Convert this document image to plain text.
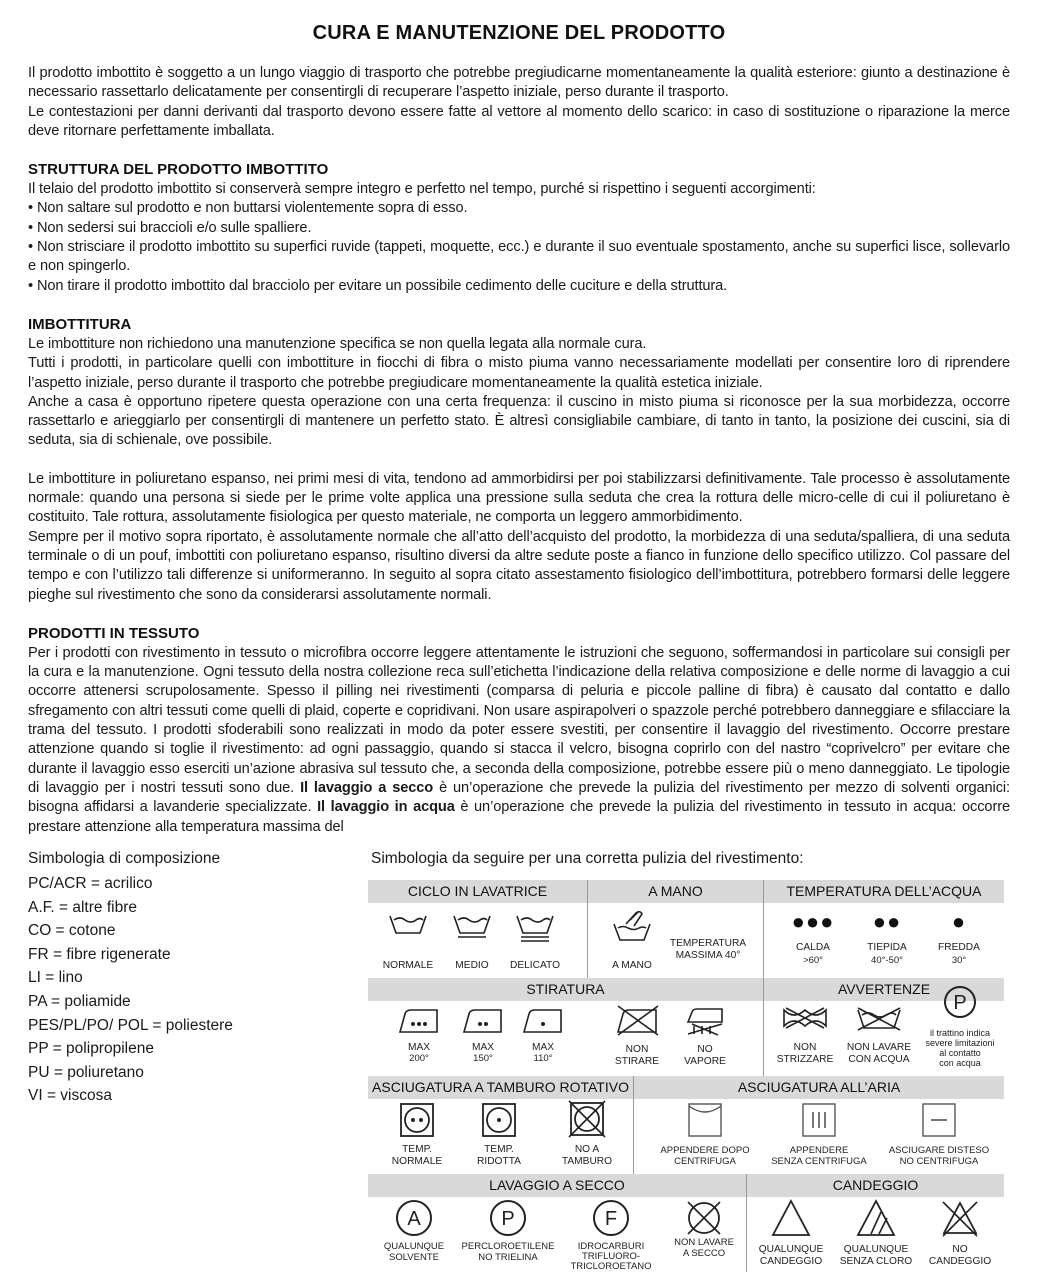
CURA E MANUTENZIONE DEL PRODOTTO

Il prodotto imbottito è soggetto a un lungo viaggio di trasporto che potrebbe pregiudicarne momentaneamente la qualità esteriore: giunto a destinazione è necessario rassettarlo delicatamente per consentirgli di recuperare l’aspetto iniziale, perso durante il trasporto.

Le contestazioni per danni derivanti dal trasporto devono essere fatte al vettore al momento dello scarico: in caso di sostituzione o riparazione la merce deve ritornare perfettamente imballata.

STRUTTURA DEL PRODOTTO IMBOTTITO

Il telaio del prodotto imbottito si conserverà sempre integro e perfetto nel tempo, purché si rispettino i seguenti accorgimenti:

• Non saltare sul prodotto e non buttarsi violentemente sopra di esso.

• Non sedersi sui braccioli e/o sulle spalliere.

• Non strisciare il prodotto imbottito su superfici ruvide (tappeti, moquette, ecc.) e durante il suo eventuale spostamento, anche su superfici lisce, sollevarlo e non spingerlo.

• Non tirare il prodotto imbottito dal bracciolo per evitare un possibile cedimento delle cuciture e della struttura.

IMBOTTITURA

Le imbottiture non richiedono una manutenzione specifica se non quella legata alla normale cura.

Tutti i prodotti, in particolare quelli con imbottiture in fiocchi di fibra o misto piuma vanno necessariamente modellati per consentire loro di riprendere l’aspetto iniziale, perso durante il trasporto che potrebbe pregiudicare momentaneamente la qualità estetica iniziale.

Anche a casa è opportuno ripetere questa operazione con una certa frequenza: il cuscino in misto piuma si riconosce per la sua morbidezza, occorre rassettarlo e arieggiarlo per consentirgli di mantenere un perfetto stato. È altresì consigliabile cambiare, di tanto in tanto, la posizione dei cuscini, sia di seduta, sia di schienale, ove possibile.

Le imbottiture in poliuretano espanso, nei primi mesi di vita, tendono ad ammorbidirsi per poi stabilizzarsi definitivamente. Tale processo è assolutamente normale: quando una persona si siede per le prime volte applica una pressione sulla seduta che crea la rottura delle micro-celle di cui il poliuretano è costituito. Tale rottura, assolutamente fisiologica per questo materiale, ne comporta un leggero ammorbidimento.

Sempre per il motivo sopra riportato, è assolutamente normale che all’atto dell’acquisto del prodotto, la morbidezza di una seduta/spalliera, di una seduta terminale o di un pouf, imbottiti con poliuretano espanso, risultino diversi da altre sedute poste a fianco in funzione dello specifico utilizzo. Col passare del tempo e con l’utilizzo tali differenze si uniformeranno. In seguito al sopra citato assestamento fisiologico dell’imbottitura, potrebbero formarsi delle leggere pieghe sul rivestimento che sono da considerarsi assolutamente normali.

PRODOTTI IN TESSUTO

Per i prodotti con rivestimento in tessuto o microfibra occorre leggere attentamente le istruzioni che seguono, soffermandosi in particolare sui consigli per la cura e la manutenzione. Ogni tessuto della nostra collezione reca sull’etichetta l’indicazione della relativa composizione e delle norme di lavaggio a cui occorre attenersi scrupolosamente. Spesso il pilling nei rivestimenti (comparsa di peluria e piccole palline di fibra) è causato dal contatto e dallo sfregamento con altri tessuti come quelli di plaid, coperte e copridivani. Non usare aspirapolveri o spazzole perché potrebbero danneggiare e sfilacciare la trama del tessuto. I prodotti sfoderabili sono realizzati in modo da poter essere svestiti, per consentire il lavaggio del rivestimento. Occorre prestare attenzione quando si toglie il rivestimento: ad ogni passaggio, quando si stacca il velcro, bisogna coprirlo con del nastro “coprivelcro” per evitare che durante il lavaggio esso eserciti un’azione abrasiva sul tessuto che, a seconda della composizione, potrebbe essere più o meno danneggiato. Le tipologie di lavaggio per i nostri tessuti sono due. Il lavaggio a secco è un’operazione che prevede la pulizia del rivestimento per mezzo di solventi organici: bisogna affidarsi a lavanderie specializzate. Il lavaggio in acqua è un’operazione che prevede la pulizia del rivestimento in tessuto in acqua: occorre prestare attenzione alla temperatura massima del

Simbologia di composizione
PC/ACR = acrilico
A.F. = altre fibre
CO = cotone
FR = fibre rigenerate
LI = lino
PA = poliamide
PES/PL/PO/ POL = poliestere
PP = polipropilene
PU = poliuretano
VI = viscosa
Simbologia da seguire per una corretta pulizia del rivestimento:
CICLO IN LAVATRICE	A MANO	TEMPERATURA DELL’ACQUA
NORMALE	MEDIO	DELICATO	A MANO
TEMPERATURA
MASSIMA 40°
●●●
CALDA
>60°
●●
TIEPIDA
40°-50°
●
FREDDA
30°
STIRATURA	AVVERTENZE
MAX
200°
MAX
150°
MAX
110°
NON
STIRARE
NO
VAPORE
NON
STRIZZARE
NON LAVARE
CON ACQUA
P
il trattino indica
severe limitazioni
al contatto
con acqua
ASCIUGATURA A TAMBURO ROTATIVO	ASCIUGATURA ALL’ARIA
TEMP.
NORMALE
TEMP.
RIDOTTA
NO A
TAMBURO
APPENDERE DOPO
CENTRIFUGA
APPENDERE
SENZA CENTRIFUGA
ASCIUGARE DISTESO
NO CENTRIFUGA
LAVAGGIO A SECCO	CANDEGGIO
A
QUALUNQUE
SOLVENTE
P
PERCLOROETILENE
NO TRIELINA
F
IDROCARBURI
TRIFLUORO-
TRICLOROETANO
NON LAVARE
A SECCO	QUALUNQUE
CANDEGGIO
QUALUNQUE
SENZA CLORO
NO
CANDEGGIO
